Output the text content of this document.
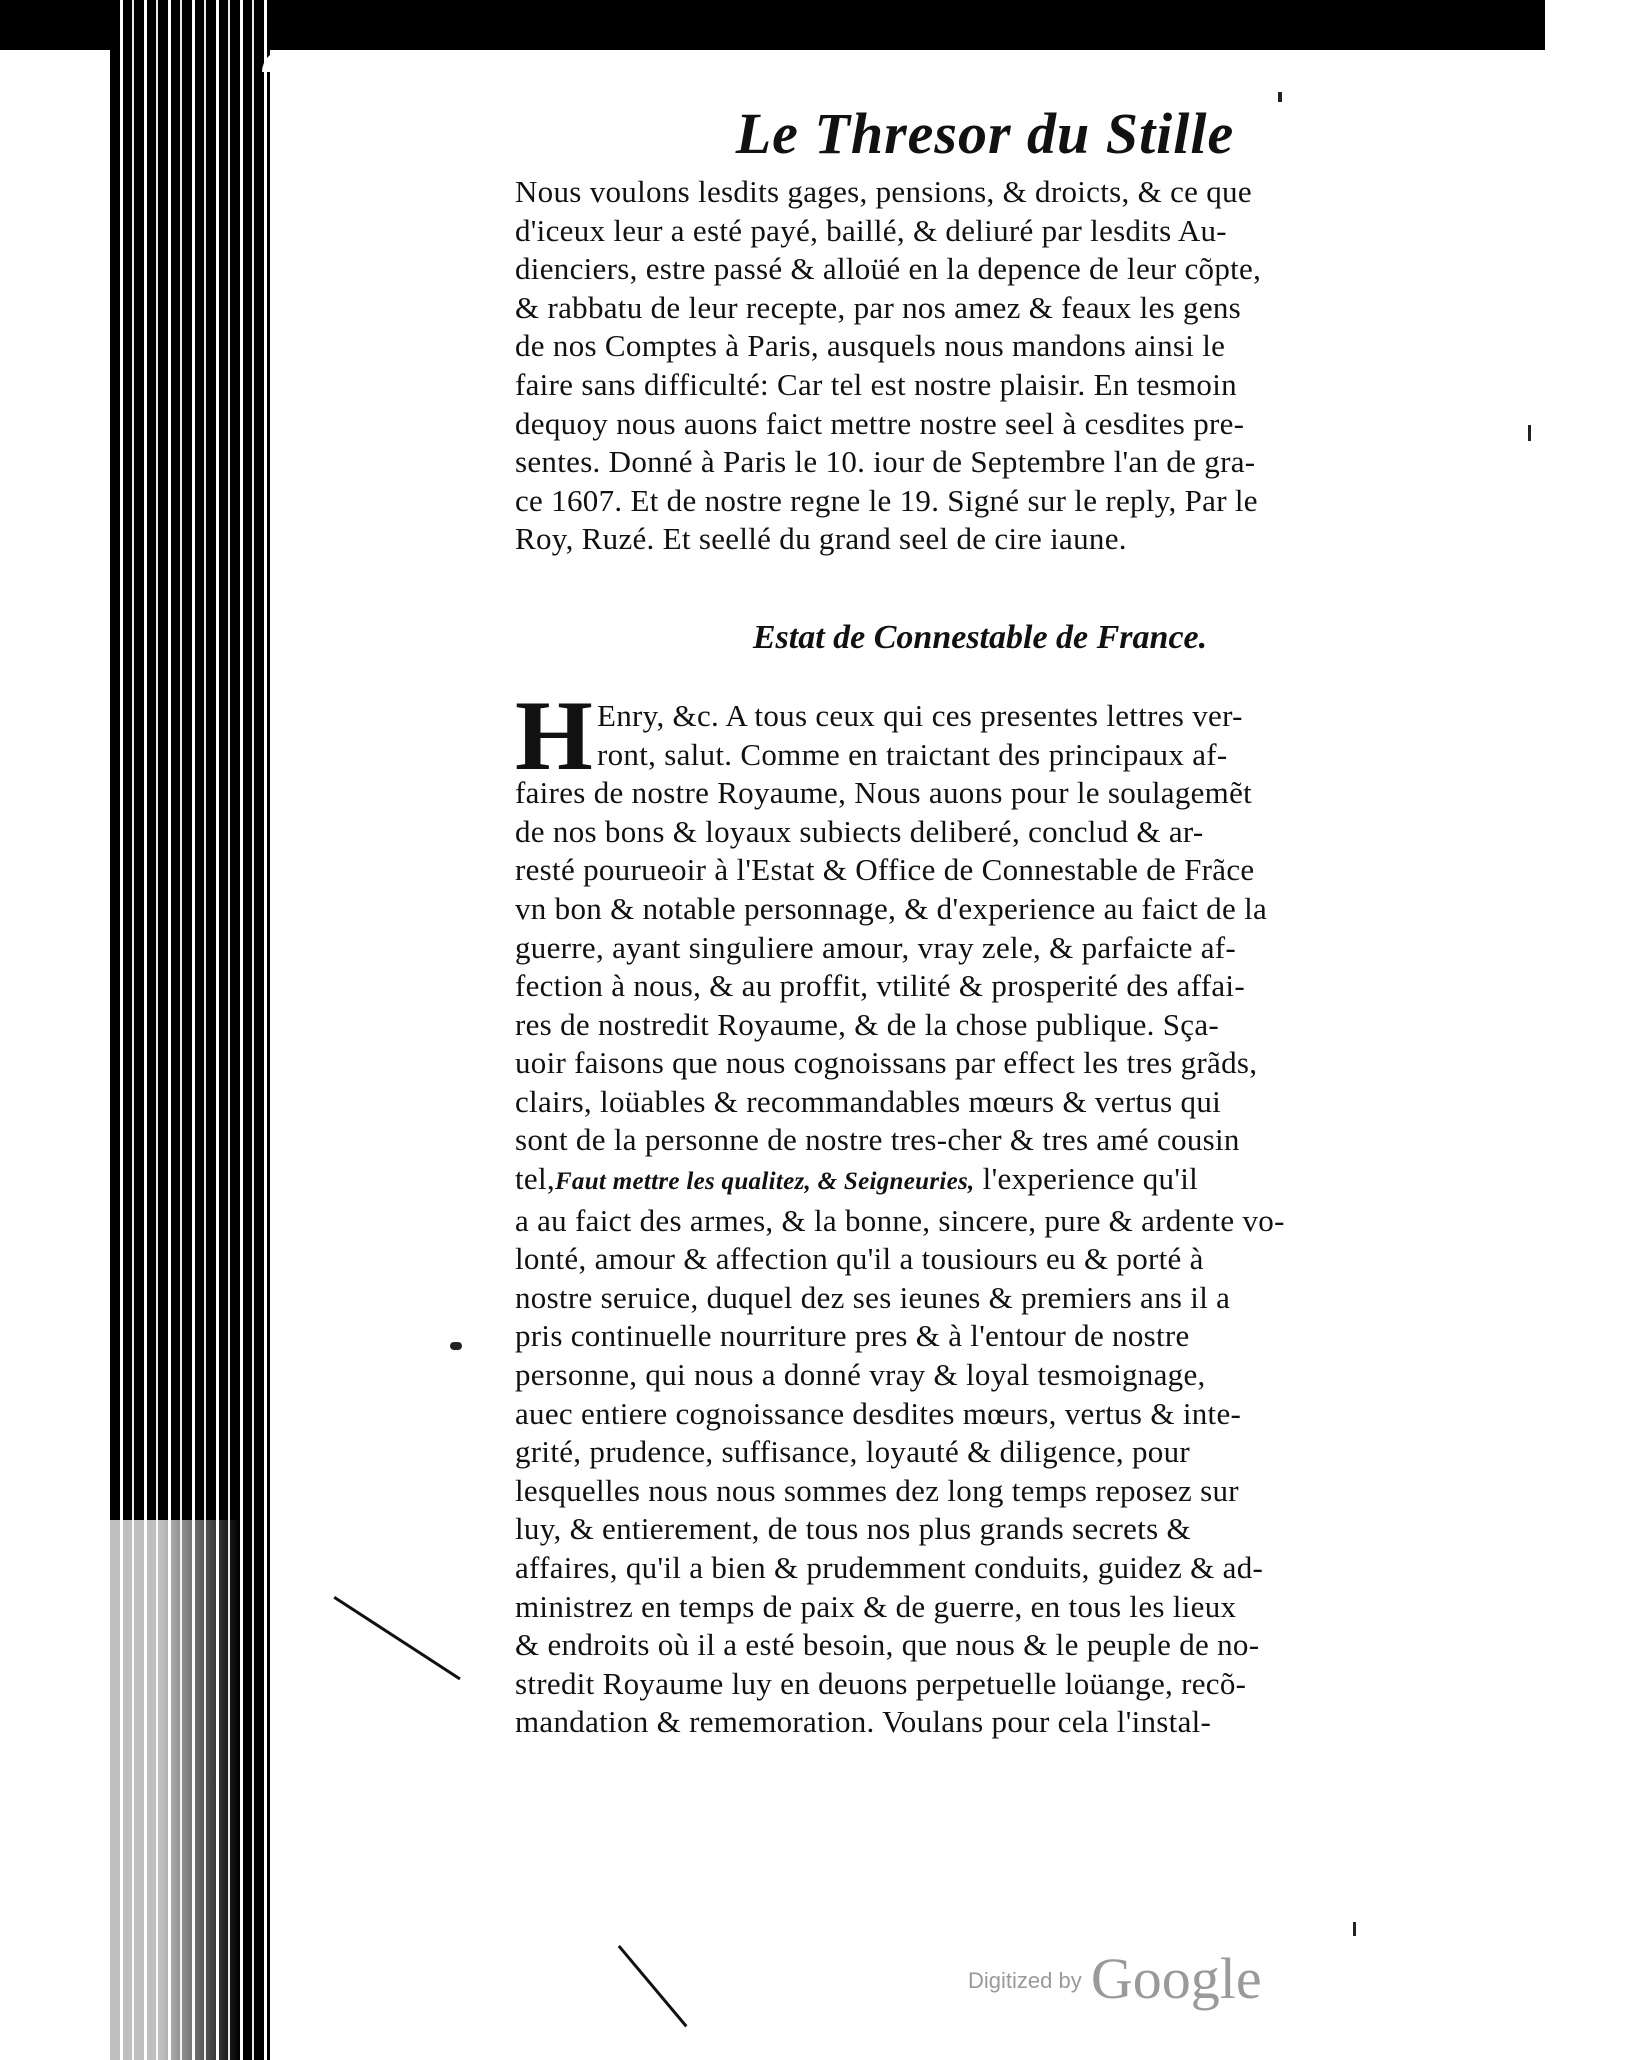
Le Thresor du Stille
Nous voulons lesdits gages, pensions, & droicts, & ce que
d'iceux leur a esté payé, baillé, & deliuré par lesdits Au-
dienciers, estre passé & alloüé en la depence de leur cõpte,
& rabbatu de leur recepte, par nos amez & feaux les gens
de nos Comptes à Paris, ausquels nous mandons ainsi le
faire sans difficulté: Car tel est nostre plaisir. En tesmoin
dequoy nous auons faict mettre nostre seel à cesdites pre-
sentes. Donné à Paris le 10. iour de Septembre l'an de gra-
ce 1607. Et de nostre regne le 19. Signé sur le reply, Par le
Roy, Ruzé. Et seellé du grand seel de cire iaune.
Estat de Connestable de France.
H Enry, &c. A tous ceux qui ces presentes lettres ver-
ront, salut. Comme en traictant des principaux af-
faires de nostre Royaume, Nous auons pour le soulagemẽt
de nos bons & loyaux subiects deliberé, conclud & ar-
resté pourueoir à l'Estat & Office de Connestable de Frãce
vn bon & notable personnage, & d'experience au faict de la
guerre, ayant singuliere amour, vray zele, & parfaicte af-
fection à nous, & au proffit, vtilité & prosperité des affai-
res de nostredit Royaume, & de la chose publique. Sça-
uoir faisons que nous cognoissans par effect les tres grãds,
clairs, loüables & recommandables mœurs & vertus qui
sont de la personne de nostre tres-cher & tres amé cousin
tel,Faut mettre les qualitez, & Seigneuries, l'experience qu'il
a au faict des armes, & la bonne, sincere, pure & ardente vo-
lonté, amour & affection qu'il a tousiours eu & porté à
nostre seruice, duquel dez ses ieunes & premiers ans il a
pris continuelle nourriture pres & à l'entour de nostre
personne, qui nous a donné vray & loyal tesmoignage,
auec entiere cognoissance desdites mœurs, vertus & inte-
grité, prudence, suffisance, loyauté & diligence, pour
lesquelles nous nous sommes dez long temps reposez sur
luy, & entierement, de tous nos plus grands secrets &
affaires, qu'il a bien & prudemment conduits, guidez & ad-
ministrez en temps de paix & de guerre, en tous les lieux
& endroits où il a esté besoin, que nous & le peuple de no-
stredit Royaume luy en deuons perpetuelle loüange, recõ-
mandation & rememoration. Voulans pour cela l'instal-
Digitized by Google
